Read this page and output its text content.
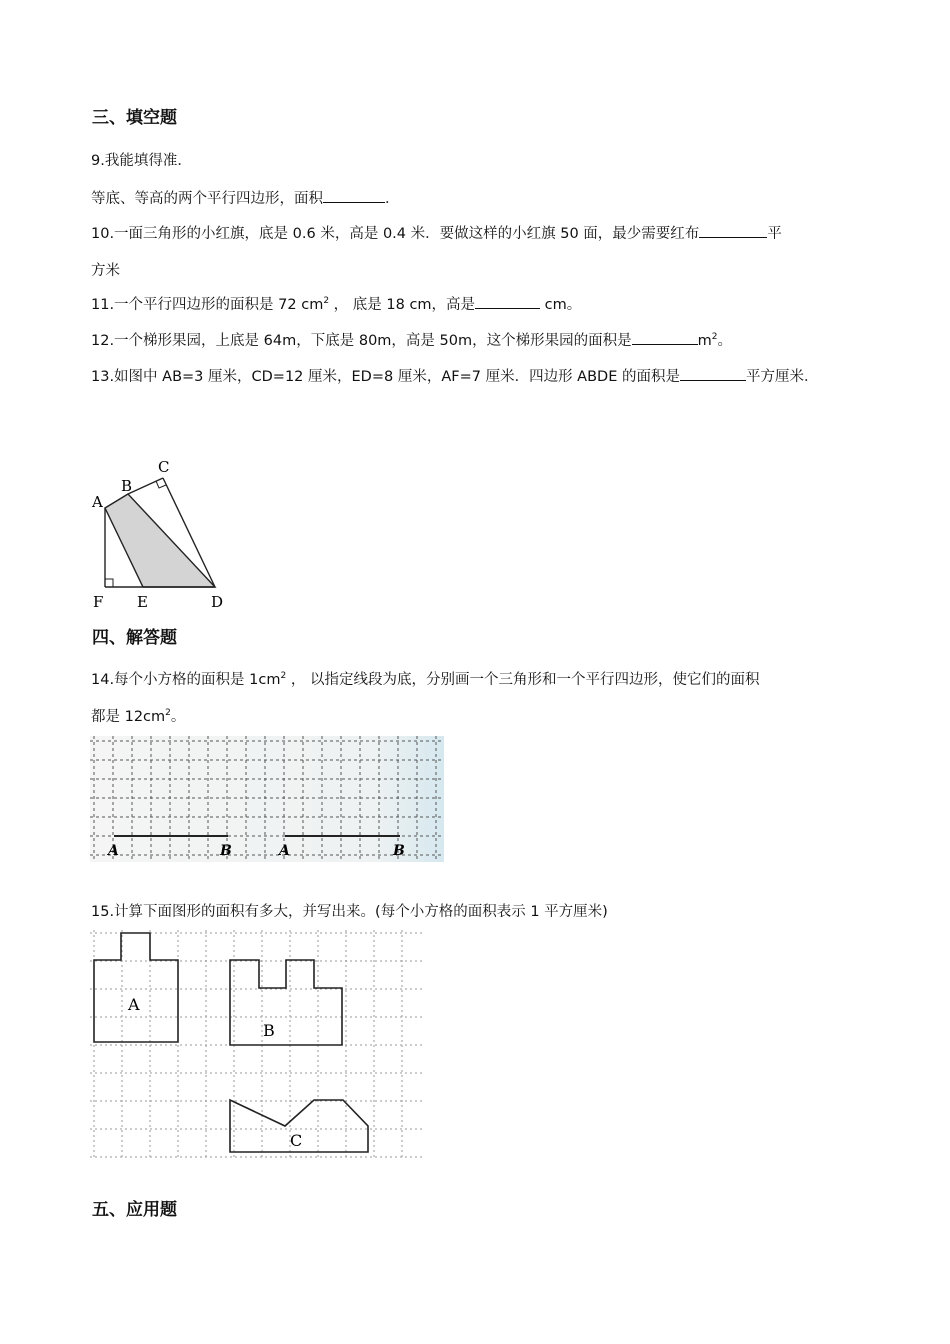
三、填空题
9.我能填得准．
等底、等高的两个平行四边形，面积	．
10.一面三角形的小红旗，底是 0.6 米，高是 0.4 米．要做这样的小红旗 50 面，最少需要红布	平
方米
11.一个平行四边形的面积是 72 $cm^2$ ， 底是 18 cm，高是	cm。
12.一个梯形果园，上底是 64m，下底是 80m，高是 50m，这个梯形果园的面积是	$m^2$。
13.如图中 AB=3 厘米，CD=12 厘米，ED=8 厘米，AF=7 厘米．四边形 ABDE 的面积是	平方厘米．
A
B
C
F E	D
四、解答题
14.每个小方格的面积是 $1cm^2$ ， 以指定线段为底，分别画一个三角形和一个平行四边形，使它们的面积
都是 $12cm^2$。
A	B	A	B
15.计算下面图形的面积有多大，并写出来。(每个小方格的面积表示 1 平方厘米)
A
B
C
五、应用题
